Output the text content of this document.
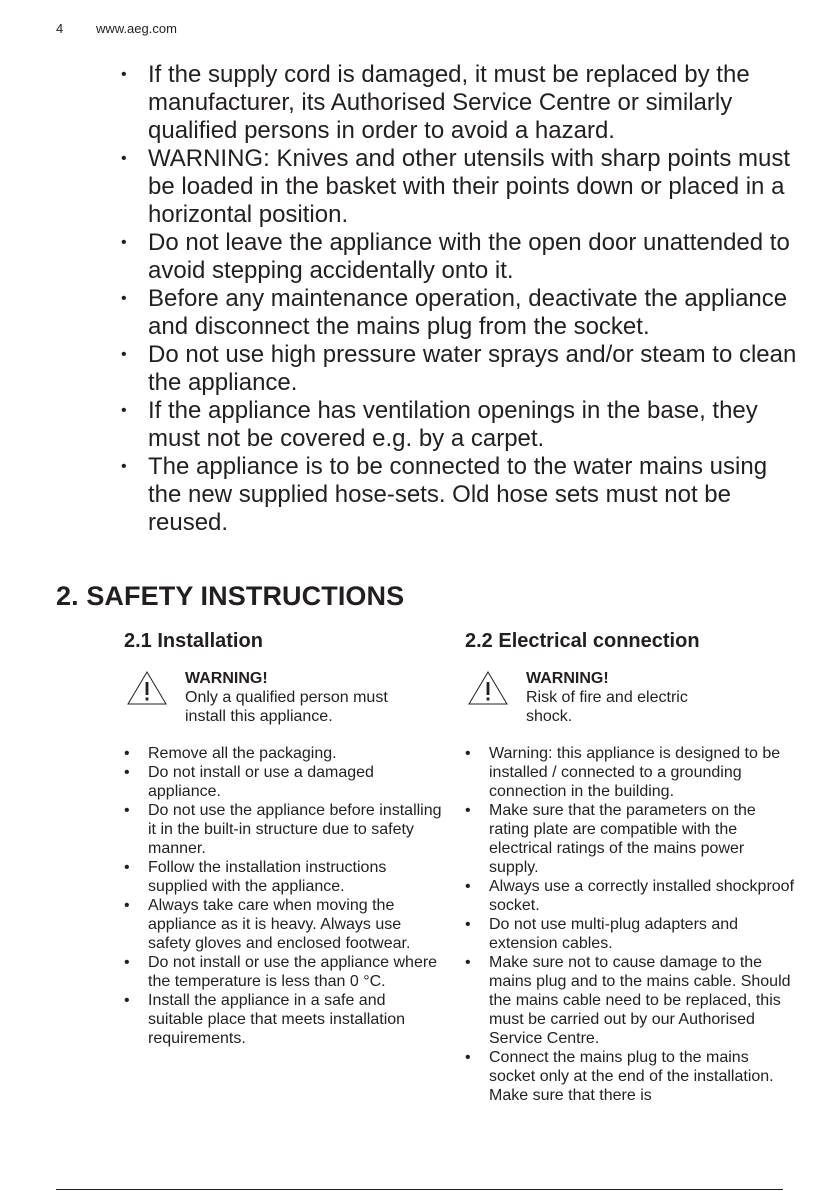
4	www.aeg.com
• If the supply cord is damaged, it must be replaced by the manufacturer, its Authorised Service Centre or similarly qualified persons in order to avoid a hazard.
• WARNING: Knives and other utensils with sharp points must be loaded in the basket with their points down or placed in a horizontal position.
• Do not leave the appliance with the open door unattended to avoid stepping accidentally onto it.
• Before any maintenance operation, deactivate the appliance and disconnect the mains plug from the socket.
• Do not use high pressure water sprays and/or steam to clean the appliance.
• If the appliance has ventilation openings in the base, they must not be covered e.g. by a carpet.
• The appliance is to be connected to the water mains using the new supplied hose-sets. Old hose sets must not be reused.
2. SAFETY INSTRUCTIONS
2.1 Installation
WARNING!
Only a qualified person must install this appliance.
• Remove all the packaging.
• Do not install or use a damaged appliance.
• Do not use the appliance before installing it in the built-in structure due to safety manner.
• Follow the installation instructions supplied with the appliance.
• Always take care when moving the appliance as it is heavy. Always use safety gloves and enclosed footwear.
• Do not install or use the appliance where the temperature is less than 0 °C.
• Install the appliance in a safe and suitable place that meets installation requirements.
2.2 Electrical connection
WARNING!
Risk of fire and electric shock.
• Warning: this appliance is designed to be installed / connected to a grounding connection in the building.
• Make sure that the parameters on the rating plate are compatible with the electrical ratings of the mains power supply.
• Always use a correctly installed shockproof socket.
• Do not use multi-plug adapters and extension cables.
• Make sure not to cause damage to the mains plug and to the mains cable. Should the mains cable need to be replaced, this must be carried out by our Authorised Service Centre.
• Connect the mains plug to the mains socket only at the end of the installation. Make sure that there is
